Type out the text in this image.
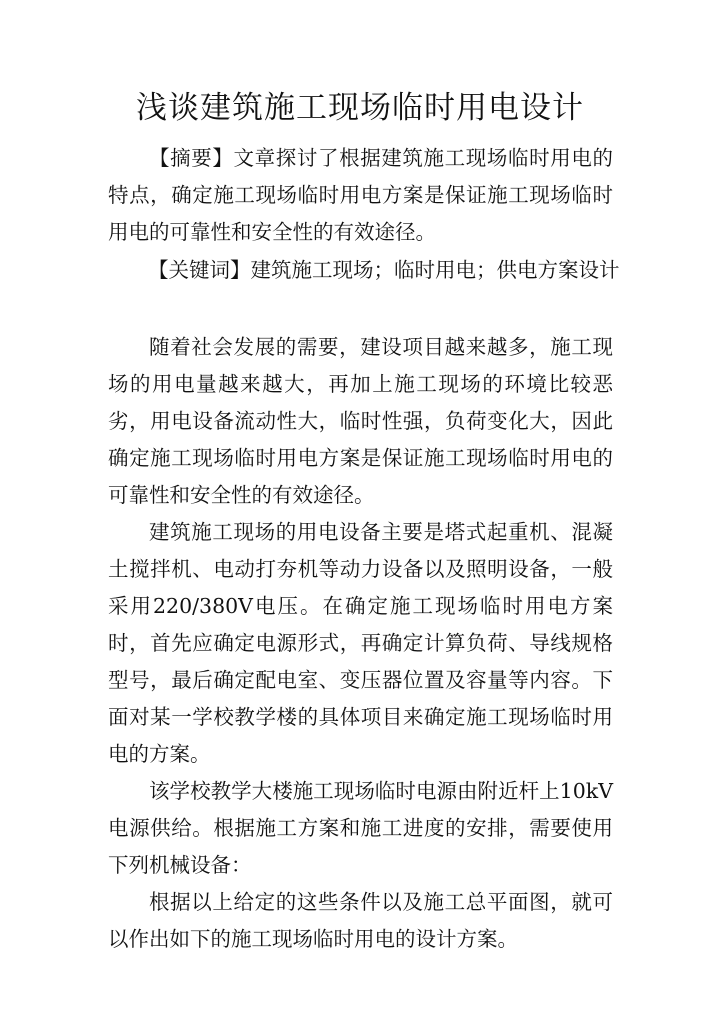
浅谈建筑施工现场临时用电设计
【摘要】文章探讨了根据建筑施工现场临时用电的特点，确定施工现场临时用电方案是保证施工现场临时用电的可靠性和安全性的有效途径。
【关键词】建筑施工现场；临时用电；供电方案设计

随着社会发展的需要，建设项目越来越多，施工现场的用电量越来越大，再加上施工现场的环境比较恶劣，用电设备流动性大，临时性强，负荷变化大，因此确定施工现场临时用电方案是保证施工现场临时用电的可靠性和安全性的有效途径。

建筑施工现场的用电设备主要是塔式起重机、混凝土搅拌机、电动打夯机等动力设备以及照明设备，一般采用220/380V电压。在确定施工现场临时用电方案时，首先应确定电源形式，再确定计算负荷、导线规格型号，最后确定配电室、变压器位置及容量等内容。下面对某一学校教学楼的具体项目来确定施工现场临时用电的方案。

该学校教学大楼施工现场临时电源由附近杆上10kV电源供给。根据施工方案和施工进度的安排，需要使用下列机械设备：

根据以上给定的这些条件以及施工总平面图，就可以作出如下的施工现场临时用电的设计方案。
